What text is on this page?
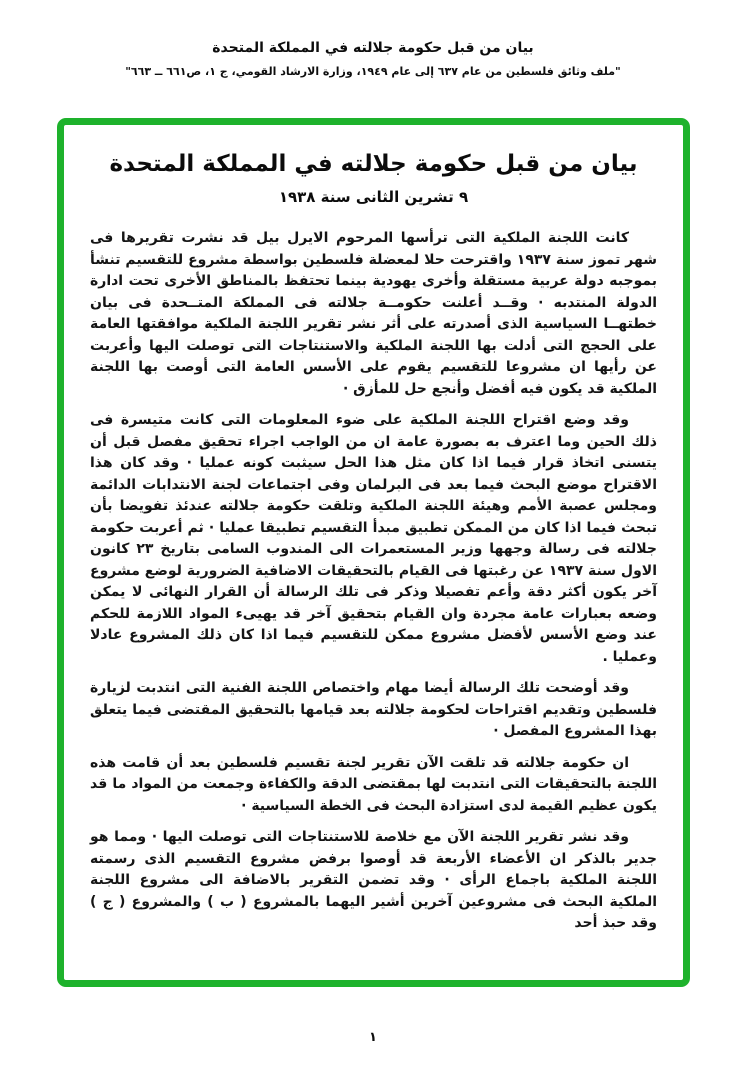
بيان من قبل حكومة جلالته في المملكة المتحدة
"ملف وثائق فلسطين من عام ٦٣٧ إلى عام ١٩٤٩، وزارة الارشاد القومي، ج ١، ص٦٦١ ــ ٦٦٣"
بيان من قبل حكومة جلالته في المملكة المتحدة
٩ تشرين الثانى سنة ١٩٣٨

كانت اللجنة الملكية التى ترأسها المرحوم الايرل بيل قد نشرت تقريرها فى شهر تموز سنة ١٩٣٧ واقترحت حلا لمعضلة فلسطين بواسطة مشروع للتقسيم تنشأ بموجبه دولة عربية مستقلة وأخرى يهودية بينما تحتفظ بالمناطق الأخرى تحت ادارة الدولة المنتدبه · وقــد أعلنت حكومــة جلالته فى المملكة المتــحدة فى بيان خطتهــا السياسية الذى أصدرته على أثر نشر تقرير اللجنة الملكية موافقتها العامة على الحجج التى أدلت بها اللجنة الملكية والاستنتاجات التى توصلت اليها وأعربت عن رأيها ان مشروعا للتقسيم يقوم على الأسس العامة التى أوصت بها اللجنة الملكية قد يكون فيه أفضل وأنجع حل للمأزق ·

وقد وضع اقتراح اللجنة الملكية على ضوء المعلومات التى كانت متيسرة فى ذلك الحين وما اعترف به بصورة عامة ان من الواجب اجراء تحقيق مفصل قبل أن يتسنى اتخاذ قرار فيما اذا كان مثل هذا الحل سيثبت كونه عمليا · وقد كان هذا الاقتراح موضع البحث فيما بعد فى البرلمان وفى اجتماعات لجنة الانتدابات الدائمة ومجلس عصبة الأمم وهيئة اللجنة الملكية وتلقت حكومة جلالته عندئذ تفويضا بأن تبحث فيما اذا كان من الممكن تطبيق مبدأ التقسيم تطبيقا عمليا · ثم أعربت حكومة جلالته فى رسالة وجهها وزير المستعمرات الى المندوب السامى بتاريخ ٢٣ كانون الاول سنة ١٩٣٧ عن رغبتها فى القيام بالتحقيقات الاضافية الضرورية لوضع مشروع آخر يكون أكثر دقة وأعم تفصيلا وذكر فى تلك الرسالة أن القرار النهائى لا يمكن وضعه بعبارات عامة مجردة وان القيام بتحقيق آخر قد يهيىء المواد اللازمة للحكم عند وضع الأسس لأفضل مشروع ممكن للتقسيم فيما اذا كان ذلك المشروع عادلا وعمليا .

وقد أوضحت تلك الرسالة أيضا مهام واختصاص اللجنة الفنية التى انتدبت لزيارة فلسطين وتقديم اقتراحات لحكومة جلالته بعد قيامها بالتحقيق المقتضى فيما يتعلق بهذا المشروع المفصل ·

ان حكومة جلالته قد تلقت الآن تقرير لجنة تقسيم فلسطين بعد أن قامت هذه اللجنة بالتحقيقات التى انتدبت لها بمقتضى الدقة والكفاءة وجمعت من المواد ما قد يكون عظيم القيمة لدى استزادة البحث فى الخطة السياسية ·

وقد نشر تقرير اللجنة الآن مع خلاصة للاستنتاجات التى توصلت اليها · ومما هو جدير بالذكر ان الأعضاء الأربعة قد أوصوا برفض مشروع التقسيم الذى رسمته اللجنة الملكية باجماع الرأى · وقد تضمن التقرير بالاضافة الى مشروع اللجنة الملكية البحث فى مشروعين آخرين أشير اليهما بالمشروع ( ب ) والمشروع ( ج ) وقد حبذ أحد

١
